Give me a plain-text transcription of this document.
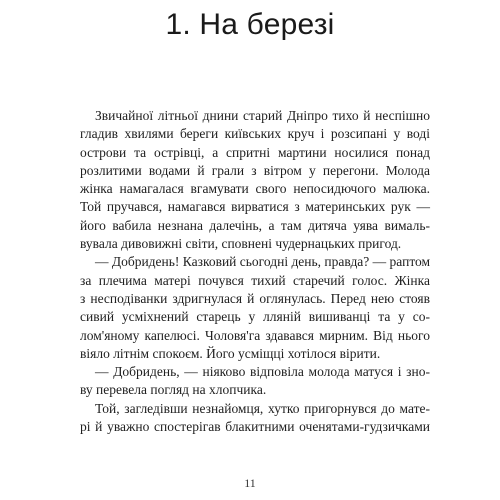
1. На березі

Звичайної літньої днини старий Дніпро тихо й неспішно
гладив хвилями береги київських круч і розсипані у воді
острови та острівці, а спритні мартини носилися понад
розлитими водами й грали з вітром у перегони. Молода
жінка намагалася вгамувати свого непосидючого малюка.
Той пручався, намагався вирватися з материнських рук —
його вабила незнана далечінь, а там дитяча уява вималь-
вувала дивовижні світи, сповнені чудернацьких пригод.

— Добридень! Казковий сьогодні день, правда? — раптом
за плечима матері почувся тихий старечий голос. Жінка
з несподіванки здригнулася й оглянулась. Перед нею стояв
сивий усміхнений старець у лляній вишиванці та у со-
лом'яному капелюсі. Чоловя'га здавався мирним. Від нього
віяло літнім спокоєм. Його усміщці хотілося вірити.

— Добридень, — ніяково відповіла молода матуся і зно-
ву перевела погляд на хлопчика.

Той, загледівши незнайомця, хутко пригорнувся до мате-
рі й уважно спостерігав блакитними оченятами-гудзичками

11
